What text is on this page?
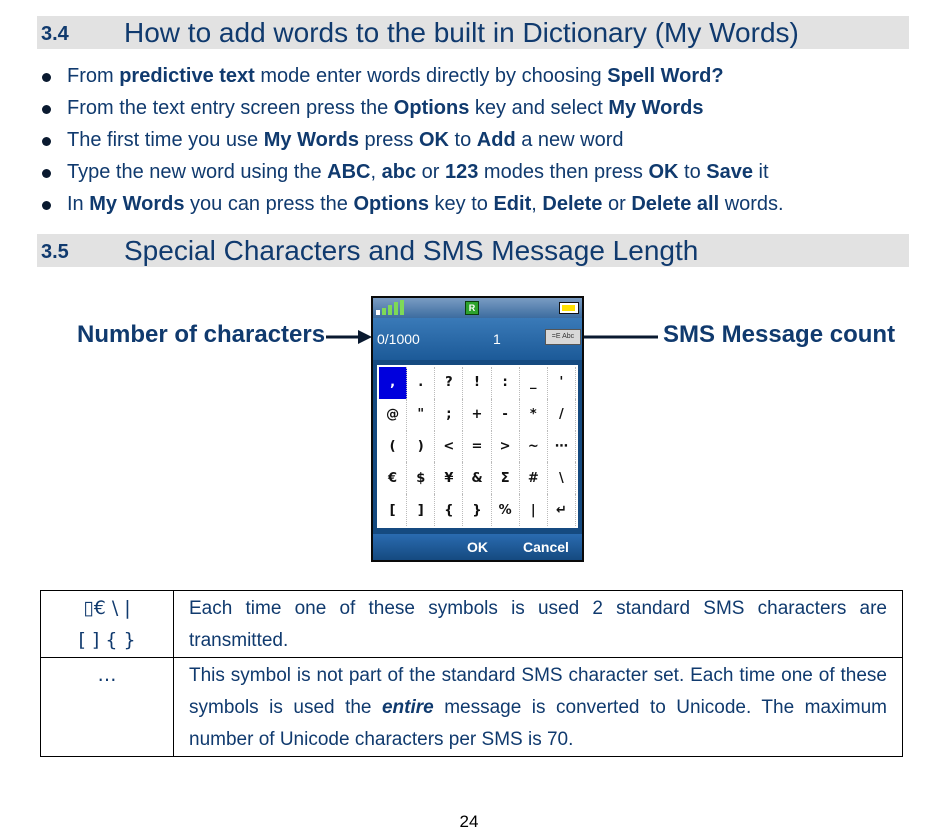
3.4 How to add words to the built in Dictionary (My Words)
From predictive text mode enter words directly by choosing Spell Word?
From the text entry screen press the Options key and select My Words
The first time you use My Words press OK to Add a new word
Type the new word using the ABC, abc or 123 modes then press OK to Save it
In My Words you can press the Options key to Edit, Delete or Delete all words.
3.5 Special Characters and SMS Message Length
Number of characters	SMS Message count
R
0/1000	1	=E Abc
,	.	?	!	:	_	'
@	"	;	+	-	*	/
(	)	<	=	>	~	⋯
€	$	¥	&	Σ	#	\
[	]	{	}	%	|	↵
OK	Cancel
▯€ \ |
[ ] { }	Each time one of these symbols is used 2 standard SMS characters are transmitted.
…	This symbol is not part of the standard SMS character set. Each time one of these symbols is used the entire message is converted to Unicode. The maximum number of Unicode characters per SMS is 70.
24
